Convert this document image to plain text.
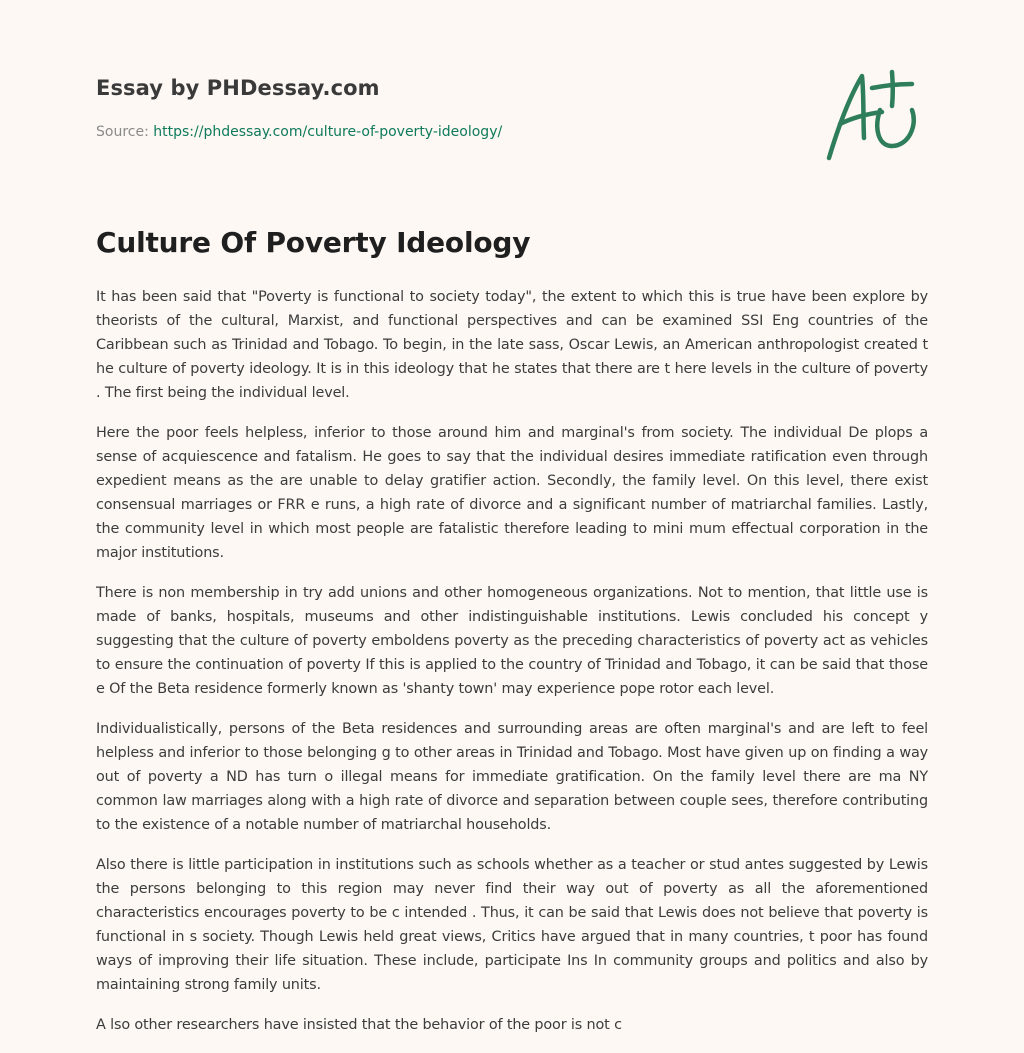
Essay by PHDessay.com
Source: https://phdessay.com/culture-of-poverty-ideology/
Culture Of Poverty Ideology

It has been said that "Poverty is functional to society today", the extent to which this is true have been explore by theorists of the cultural, Marxist, and functional perspectives and can be examined SSI Eng countries of the Caribbean such as Trinidad and Tobago. To begin, in the late sass, Oscar Lewis, an American anthropologist created t he culture of poverty ideology. It is in this ideology that he states that there are t here levels in the culture of poverty . The first being the individual level.

Here the poor feels helpless, inferior to those around him and marginal's from society. The individual De plops a sense of acquiescence and fatalism. He goes to say that the individual desires immediate ratification even through expedient means as the are unable to delay gratifier action. Secondly, the family level. On this level, there exist consensual marriages or FRR e runs, a high rate of divorce and a significant number of matriarchal families. Lastly, the community level in which most people are fatalistic therefore leading to mini mum effectual corporation in the major institutions.

There is non membership in try add unions and other homogeneous organizations. Not to mention, that little use is made of banks, hospitals, museums and other indistinguishable institutions. Lewis concluded his concept y suggesting that the culture of poverty emboldens poverty as the preceding characteristics of poverty act as vehicles to ensure the continuation of poverty If this is applied to the country of Trinidad and Tobago, it can be said that those e Of the Beta residence formerly known as 'shanty town' may experience pope rotor each level.

Individualistically, persons of the Beta residences and surrounding areas are often marginal's and are left to feel helpless and inferior to those belonging g to other areas in Trinidad and Tobago. Most have given up on finding a way out of poverty a ND has turn o illegal means for immediate gratification. On the family level there are ma NY common law marriages along with a high rate of divorce and separation between couple sees, therefore contributing to the existence of a notable number of matriarchal households.

Also there is little participation in institutions such as schools whether as a teacher or stud antes suggested by Lewis the persons belonging to this region may never find their way out of poverty as all the aforementioned characteristics encourages poverty to be c intended . Thus, it can be said that Lewis does not believe that poverty is functional in s society. Though Lewis held great views, Critics have argued that in many countries, t poor has found ways of improving their life situation. These include, participate Ins In community groups and politics and also by maintaining strong family units.

A lso other researchers have insisted that the behavior of the poor is not c
